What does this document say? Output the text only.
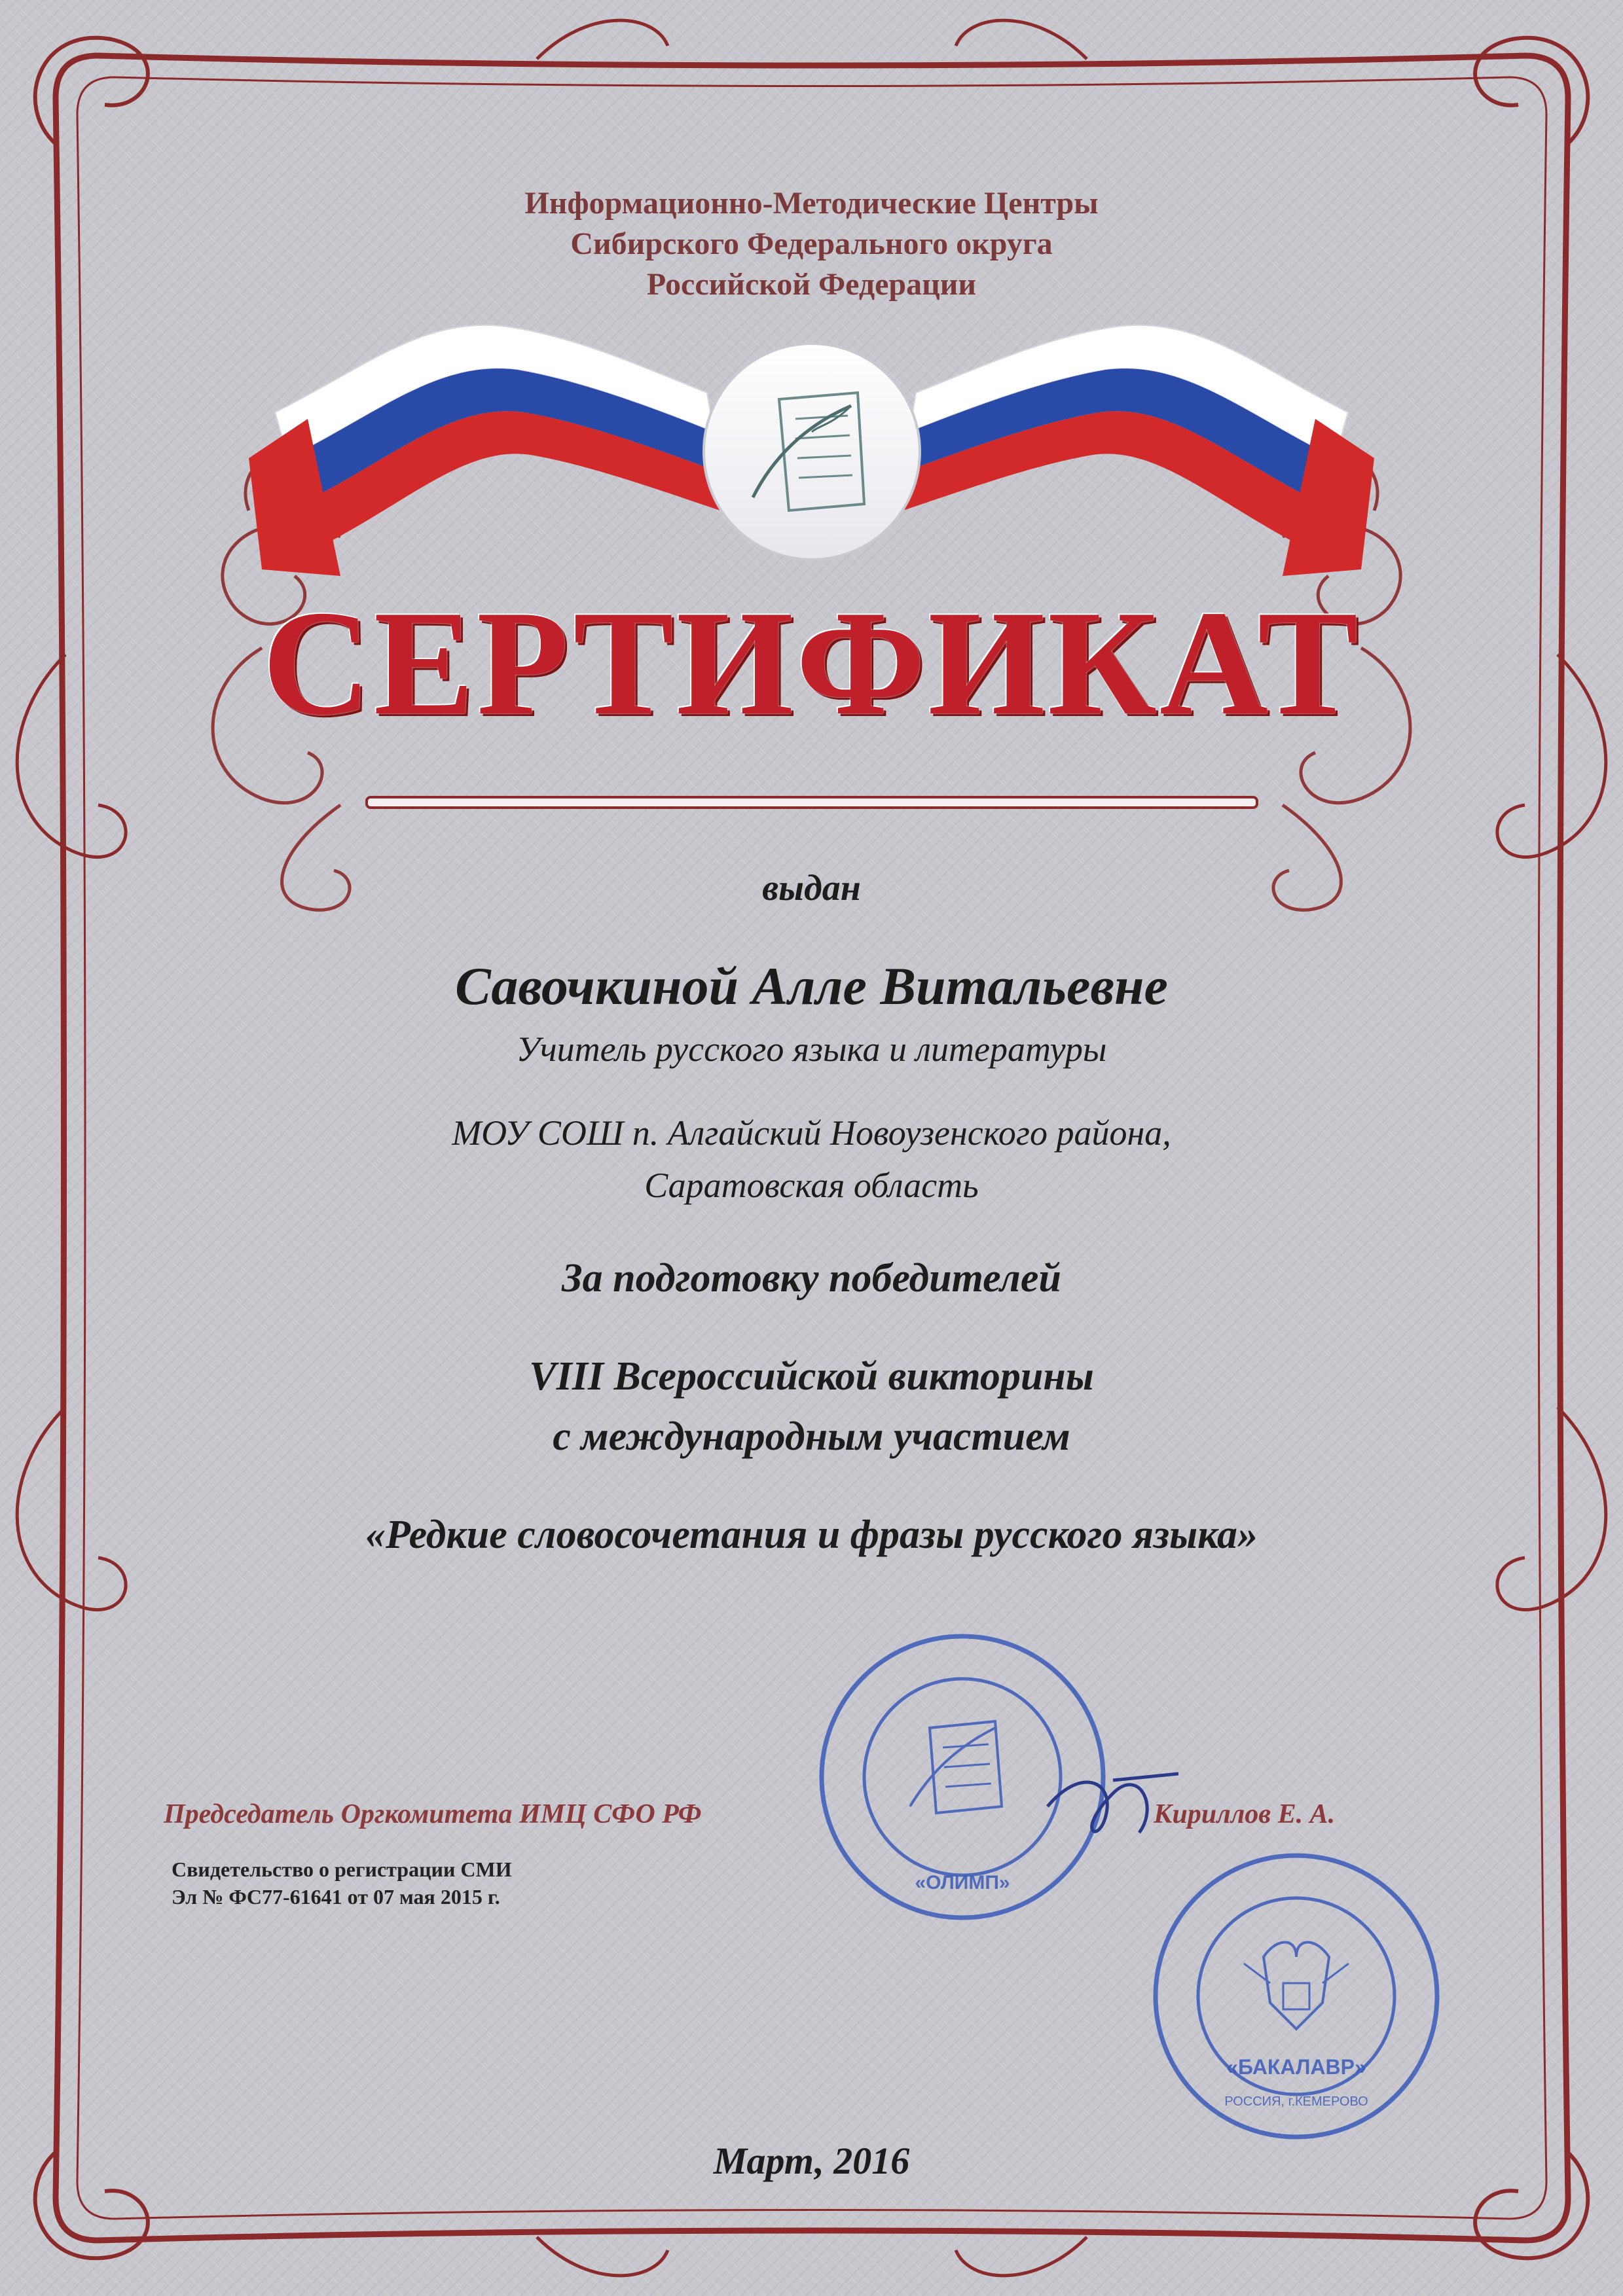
«ОЛИМП»
«БАКАЛАВР»
РОССИЯ, г.КЕМЕРОВО
Информационно-Методические Центры
Сибирского Федерального округа
Российской Федерации
СЕРТИФИКАТ
выдан
Савочкиной Алле Витальевне
Учитель русского языка и литературы
МОУ СОШ п. Алгайский Новоузенского района,
Саратовская область
За подготовку победителей
VIII Всероссийской викторины
с международным участием
«Редкие словосочетания и фразы русского языка»
Председатель Оргкомитета ИМЦ СФО РФ	Кириллов Е. А.
Свидетельство о регистрации СМИ
Эл № ФС77-61641 от 07 мая 2015 г.
Март, 2016
